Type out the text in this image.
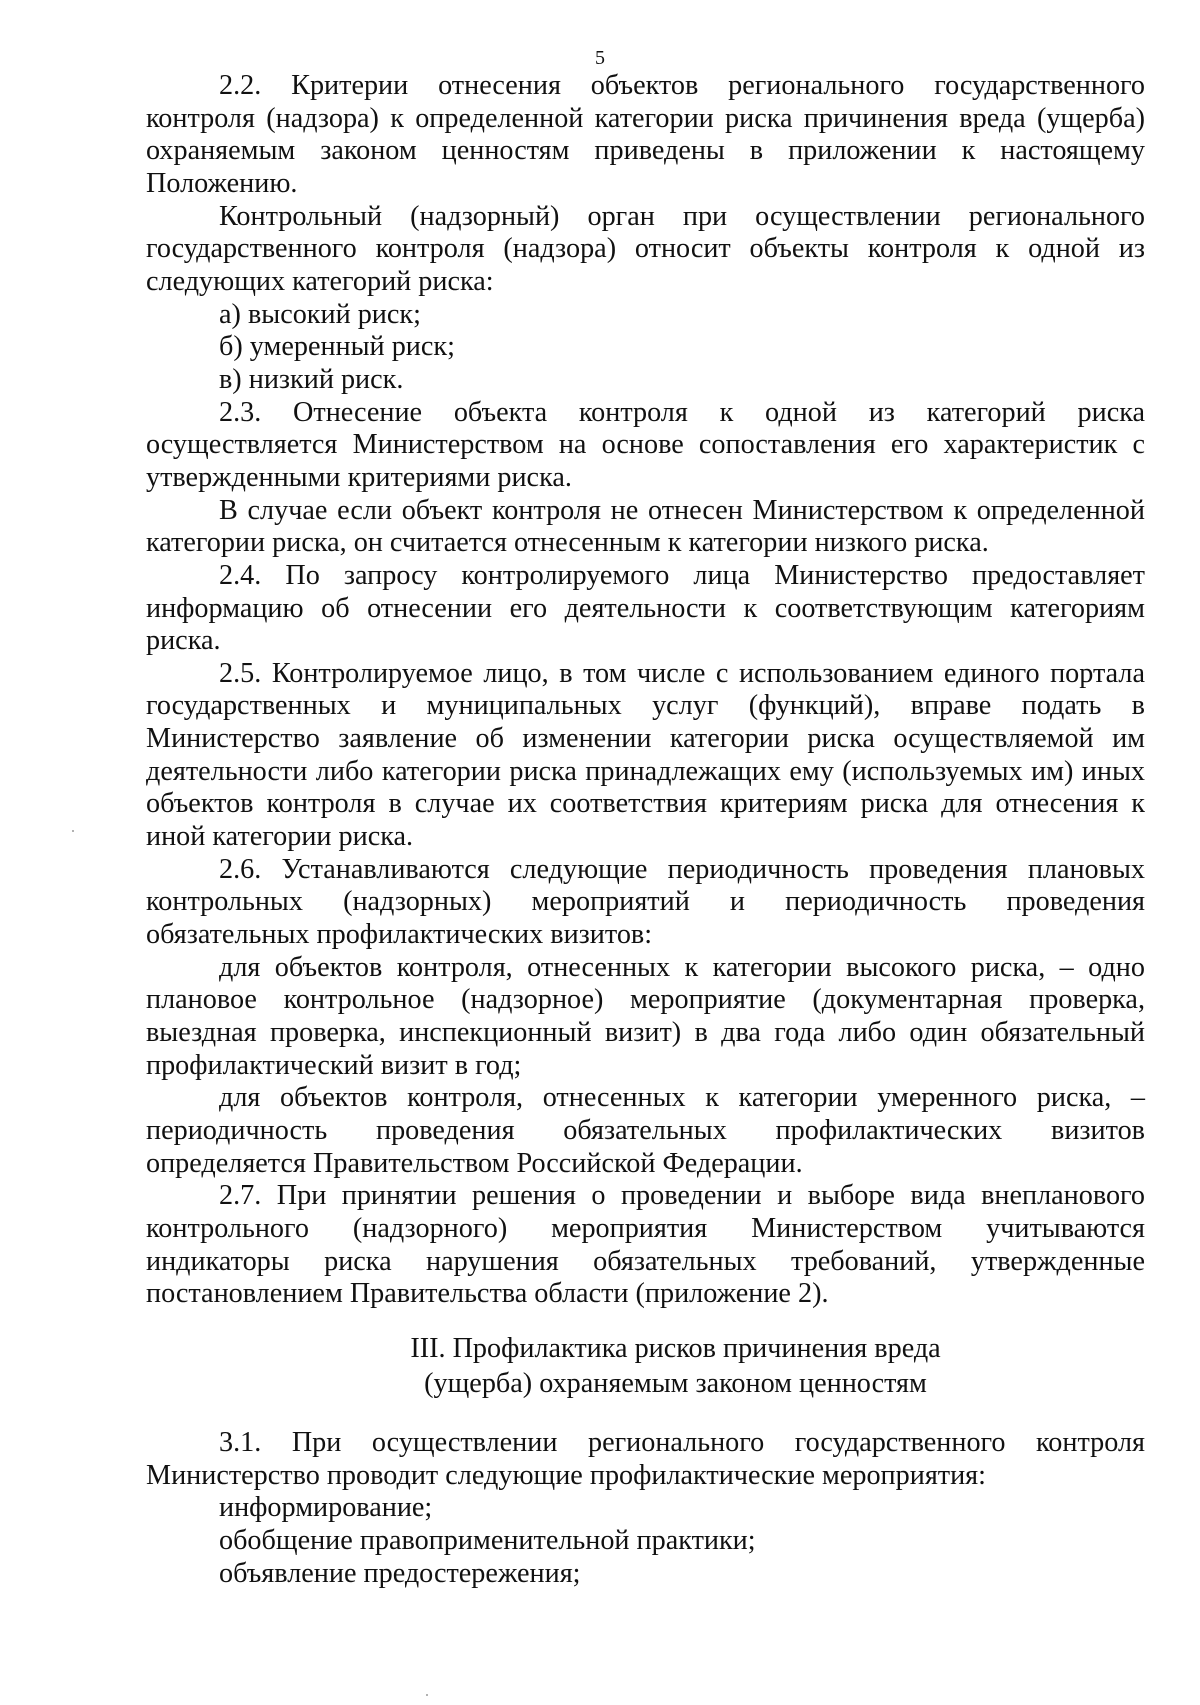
5

2.2. Критерии отнесения объектов регионального государственного контроля (надзора) к определенной категории риска причинения вреда (ущерба) охраняемым законом ценностям приведены в приложении к настоящему Положению.

Контрольный (надзорный) орган при осуществлении регионального государственного контроля (надзора) относит объекты контроля к одной из следующих категорий риска:

а) высокий риск;

б) умеренный риск;

в) низкий риск.

2.3. Отнесение объекта контроля к одной из категорий риска осуществляется Министерством на основе сопоставления его характеристик с утвержденными критериями риска.

В случае если объект контроля не отнесен Министерством к определенной категории риска, он считается отнесенным к категории низкого риска.

2.4. По запросу контролируемого лица Министерство предоставляет информацию об отнесении его деятельности к соответствующим категориям риска.

2.5. Контролируемое лицо, в том числе с использованием единого портала государственных и муниципальных услуг (функций), вправе подать в Министерство заявление об изменении категории риска осуществляемой им деятельности либо категории риска принадлежащих ему (используемых им) иных объектов контроля в случае их соответствия критериям риска для отнесения к иной категории риска.

2.6. Устанавливаются следующие периодичность проведения плановых контрольных (надзорных) мероприятий и периодичность проведения обязательных профилактических визитов:

для объектов контроля, отнесенных к категории высокого риска, – одно плановое контрольное (надзорное) мероприятие (документарная проверка, выездная проверка, инспекционный визит) в два года либо один обязательный профилактический визит в год;

для объектов контроля, отнесенных к категории умеренного риска, – периодичность проведения обязательных профилактических визитов определяется Правительством Российской Федерации.

2.7. При принятии решения о проведении и выборе вида внепланового контрольного (надзорного) мероприятия Министерством учитываются индикаторы риска нарушения обязательных требований, утвержденные постановлением Правительства области (приложение 2).

III. Профилактика рисков причинения вреда

(ущерба) охраняемым законом ценностям

3.1. При осуществлении регионального государственного контроля Министерство проводит следующие профилактические мероприятия:

информирование;

обобщение правоприменительной практики;

объявление предостережения;
